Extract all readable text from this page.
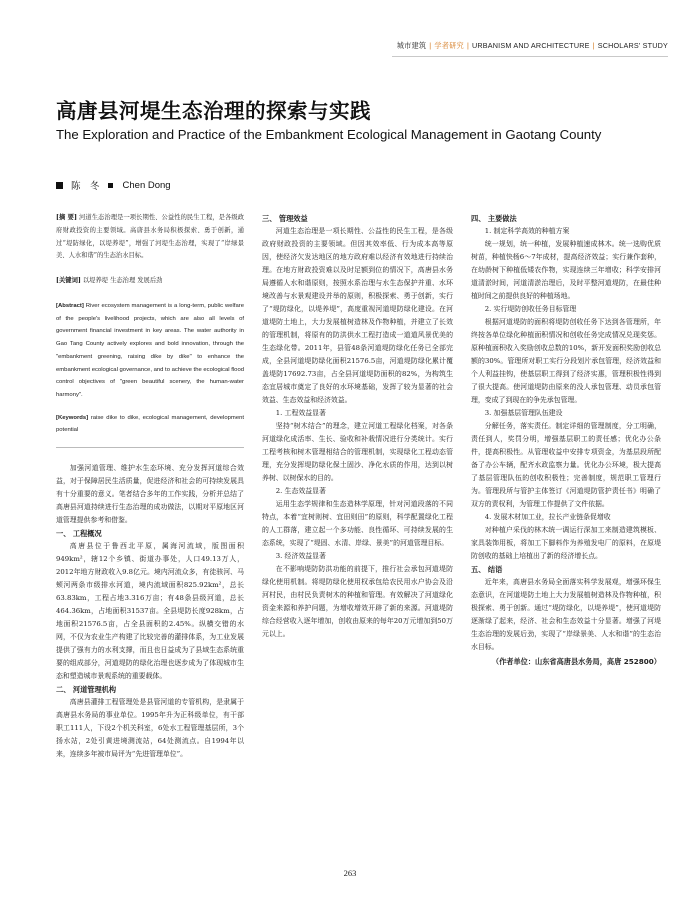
城市建筑 | 学者研究 | URBANISM AND ARCHITECTURE | SCHOLARS' STUDY
高唐县河堤生态治理的探索与实践
The Exploration and Practice of the Embankment Ecological Management in Gaotang County
陈　冬 Chen Dong

[摘 要] 河道生态治理是一项长期性、公益性的民生工程，是各级政府财政投资的主要领域。高唐县水务局积极探索、勇于创新，通过“堤防绿化，以堤养堤”，增强了河堤生态治理，实现了“岸绿景美、人水和谐”的生态治水目标。

[关键词] 以堤养堤 生态治理 发展后劲

[Abstract] River ecosystem management is a long-term, public welfare of the people's livelihood projects, which are also all levels of government financial investment in key areas. The water authority in Gao Tang County actively explores and bold innovation, through the "embankment greening, raising dike by dike" to enhance the embankment ecological governance, and to achieve the ecological flood control objectives of "green beautiful scenery, the human-water harmony".

[Keywords] raise dike to dike, ecological management, development potential

加强河道管理、维护水生态环境、充分发挥河道综合效益，对于保障居民生活质量，促进经济和社会的可持续发展具有十分重要的意义。笔者结合多年的工作实践，分析并总结了高唐县河道持续进行生态治理的成功做法，以期对平原地区河道管理提供参考和借鉴。

一、 工程概况

高唐县位于鲁西北平原，属海河流域，版图面积949km²，辖12个乡镇、街道办事处，人口49.13万人，2012年地方财政收入9.8亿元。境内河流众多，有徒骇河、马颊河两条市级排水河道，境内流域面积825.92km²，总长63.83km，工程占地3.316万亩；有48条县级河道，总长464.36km，占地面积31537亩。全县堤防长度928km，占地面积21576.5亩，占全县面积的2.45%。纵横交错的水网，不仅为农业生产构建了比较完善的灌排体系，为工业发展提供了强有力的水利支撑，而且也日益成为了县域生态系统重要的组成部分，河道堤防的绿化治理也逐步成为了体现城市生态和塑造城市景观系统的重要载体。

二、 河道管理机构

高唐县灌排工程管理处是县管河道的专管机构，是隶属于高唐县水务局的事业单位。1995年升为正科级单位，有干部职工111人，下设2个机关科室，6处水工程管理基层所，3个扬水站，2处引黄进境测流站，64处测流点。自1994年以来，连续多年被市局评为“先进管理单位”。

三、 管理效益

河道生态治理是一项长期性、公益性的民生工程，是各级政府财政投资的主要领域。但因其效率低、行为成本高等原因，使经济欠发达地区的地方政府难以经济有效地进行持续治理。在地方财政投资难以及时足额到位的情况下，高唐县水务局遵循人水和谐原则，按照水系治理与水生态保护并重、水环境改善与水景观建设并举的原则，积极探索、勇于创新，实行了“堤防绿化，以堤养堤”，高度重视河道堤防绿化建设。在河道堤防土地上，大力发展植树造林及作物种植，并建立了长效的管理机制，将原有的防洪供水工程打造成一道道风景优美的生态绿化带。2011年，县管48条河道堤防绿化任务已全部完成，全县河道堤防绿化面积21576.5亩，河道堤防绿化累计覆盖堤防17692.73亩，占全县河道堤防面积的82%，为构筑生态宜居城市奠定了良好的水环境基础，发挥了较为显著的社会效益、生态效益和经济效益。

1. 工程效益显著

坚持“树木结合”的理念，建立河道工程绿化档案，对各条河道绿化成活率、生长、验收和补栽情况进行分类统计。实行工程考核和树木管理相结合的管理机制，实现绿化工程动态管理，充分发挥堤防绿化保土固沙、净化水质的作用，达到以树养树、以树保水的目的。

2. 生态效益显著

运用生态学规律和生态造林学原理，针对河道段落的不同特点，本着“宜树则树、宜田则田”的原则，科学配置绿化工程的人工群落，建立起一个多功能、良性循环、可持续发展的生态系统，实现了“堤固、水清、岸绿、景美”的河道管理目标。

3. 经济效益显著

在不影响堤防防洪功能的前提下，推行社会承包河道堤防绿化使用机制。将堤防绿化使用权承包给农民用水户协会及沿河村民，由村民负责树木的种植和管理。有效解决了河道绿化资金来源和养护问题，为增收增效开辟了新的来源。河道堤防综合经营收入逐年增加，创收由原来的每年20万元增加到50万元以上。

四、 主要做法

1. 制定科学高效的种植方案

统一规划，统一种植，发展种植速成林木。统一选购优质树苗，种植快杨6～7年成材，提高经济效益；实行兼作套种，在幼龄树下种植低矮农作物，实现连续三年增收；科学安排河道清淤时间，河道清淤治理后，及时平整河道堤防，在最佳种植时间之前提供良好的种植场地。

2. 实行堤防创收任务目标管理

根据河道堤防的面积将堤防创收任务下达到各管理所，年终按各单位绿化种植面积情况和创收任务完成情况兑现奖惩。原种植面积收入奖励创收总数的10%，新开发面积奖励创收总额的30%。管理所对职工实行分段划片承包管理，经济效益和个人利益挂钩，使基层职工得到了经济实惠，管理积极性得到了很大提高。使河道堤防由原来的没人承包管理、动员承包管理，变成了到现在的争先承包管理。

3. 加强基层管理队伍建设

分解任务，落实责任。制定详细的管理制度，分工明确，责任到人，奖罚分明，增强基层职工的责任感；优化办公条件，提高积极性。从管理收益中安排专项资金，为基层段所配备了办公车辆，配齐水政监察力量。优化办公环境，极大提高了基层管理队伍的创收积极性；完善制度，规范职工管理行为。管理段所与管护主体签订《河道堤防管护责任书》明确了双方的责权利，为管理工作提供了文件依据。

4. 发展木材加工业，拉长产业链条促增收

对种植户采伐的林木统一调运行深加工来制造建筑模板、家具装饰用板，将加工下脚料作为养殖发电厂的原料，在原堤防创收的基础上培植出了新的经济增长点。

五、 结语

近年来，高唐县水务局全面落实科学发展观，增强环保生态意识，在河道堤防土地上大力发展植树造林及作物种植，积极探索、勇于创新。通过“堤防绿化，以堤养堤”，使河道堤防逐渐绿了起来，经济、社会和生态效益十分显著。增强了河堤生态治理的发展后劲，实现了“岸绿景美、人水和谐”的生态治水目标。

（作者单位：山东省高唐县水务局，高唐 252800）

263
